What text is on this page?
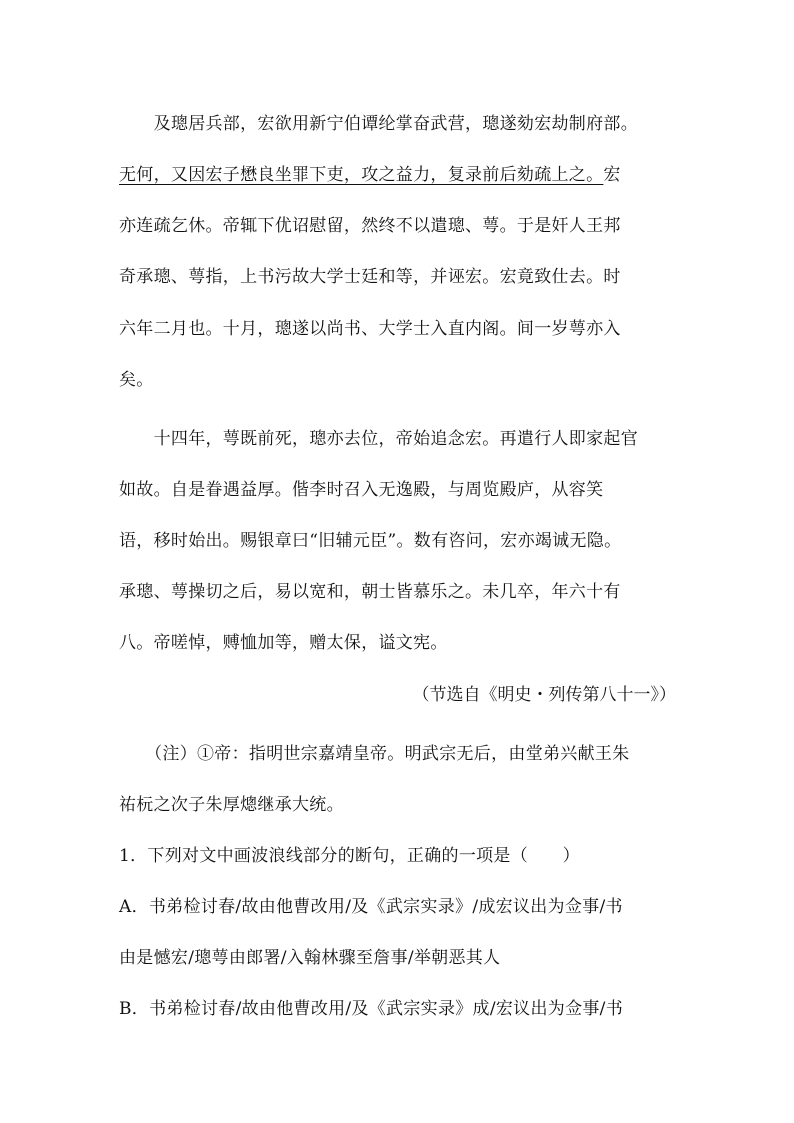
　　及璁居兵部，宏欲用新宁伯谭纶掌奋武营，璁遂劾宏劫制府部。
无何，又因宏子懋良坐罪下吏，攻之益力，复录前后劾疏上之。宏
亦连疏乞休。帝辄下优诏慰留，然终不以遣璁、萼。于是奸人王邦
奇承璁、萼指，上书污故大学士廷和等，并诬宏。宏竟致仕去。时
六年二月也。十月，璁遂以尚书、大学士入直内阁。间一岁萼亦入
矣。
　　十四年，萼既前死，璁亦去位，帝始追念宏。再遣行人即家起官
如故。自是眷遇益厚。偕李时召入无逸殿，与周览殿庐，从容笑
语，移时始出。赐银章曰“旧辅元臣”。数有咨问，宏亦竭诚无隐。
承璁、萼操切之后，易以宽和，朝士皆慕乐之。未几卒，年六十有
八。帝嗟悼，赙恤加等，赠太保，谥文宪。
（节选自《明史・列传第八十一》）
　　（注）①帝：指明世宗嘉靖皇帝。明武宗无后，由堂弟兴献王朱
祐杬之次子朱厚熜继承大统。
1．下列对文中画波浪线部分的断句，正确的一项是（　　）
A．书弟检讨春/故由他曹改用/及《武宗实录》/成宏议出为佥事/书
由是憾宏/璁萼由郎署/入翰林骤至詹事/举朝恶其人
B．书弟检讨春/故由他曹改用/及《武宗实录》成/宏议出为佥事/书
